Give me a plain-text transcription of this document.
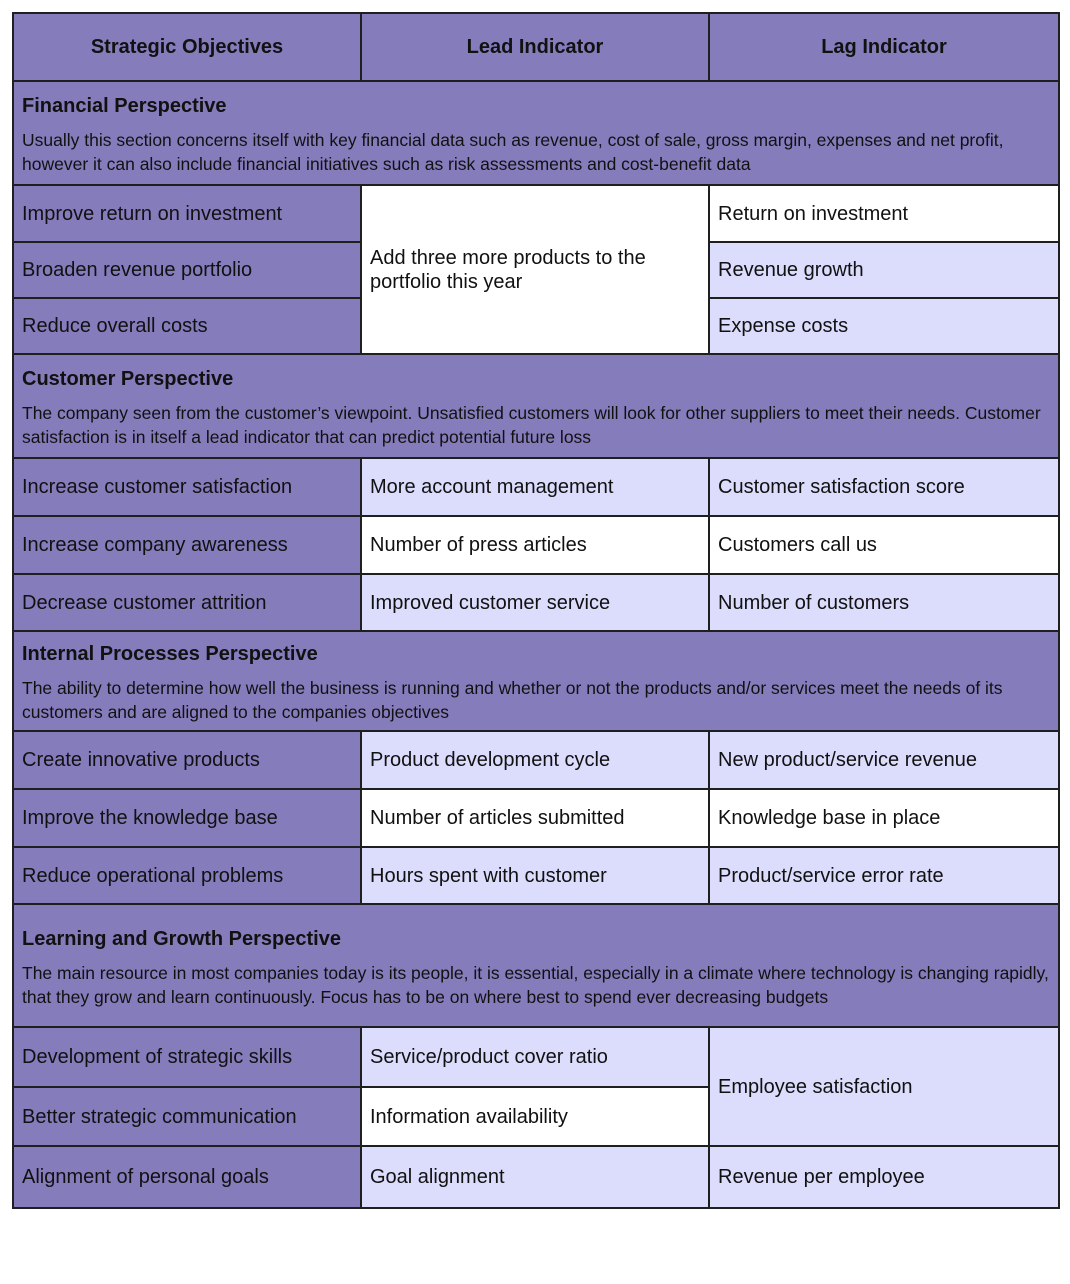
Strategic Objectives	Lead Indicator	Lag Indicator

Financial Perspective
Usually this section concerns itself with key financial data such as revenue, cost of sale, gross margin, expenses and net profit, however it can also include financial initiatives such as risk assessments and cost-benefit data		

Improve return on investment	Add three more products to the portfolio this year	Return on investment
Broaden revenue portfolio		Revenue growth
Reduce overall costs		Expense costs

Customer Perspective
The company seen from the customer’s viewpoint. Unsatisfied customers will look for other suppliers to meet their needs. Customer satisfaction is in itself a lead indicator that can predict potential future loss		

Increase customer satisfaction	More account management	Customer satisfaction score
Increase company awareness	Number of press articles	Customers call us
Decrease customer attrition	Improved customer service	Number of customers

Internal Processes Perspective
The ability to determine how well the business is running and whether or not the products and/or services meet the needs of its customers and are aligned to the companies objectives		

Create innovative products	Product development cycle	New product/service revenue
Improve the knowledge base	Number of articles submitted	Knowledge base in place
Reduce operational problems	Hours spent with customer	Product/service error rate

Learning and Growth Perspective
The main resource in most companies today is its people, it is essential, especially in a climate where technology is changing rapidly, that they grow and learn continuously. Focus has to be on where best to spend ever decreasing budgets		

Development of strategic skills	Service/product cover ratio	Employee satisfaction
Better strategic communication	Information availability	
Alignment of personal goals	Goal alignment	Revenue per employee
